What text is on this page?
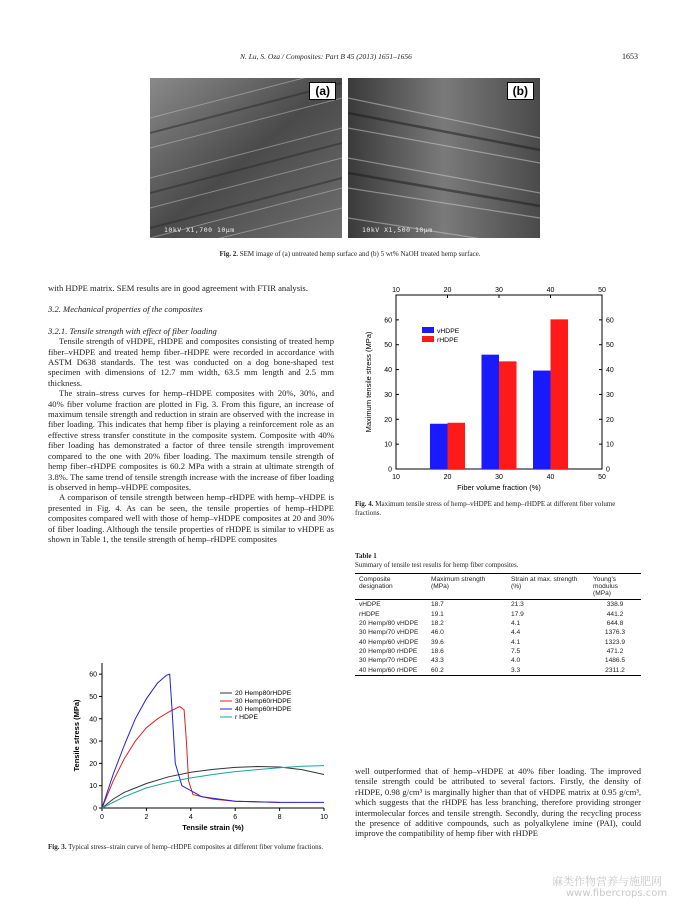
N. Lu, S. Oza / Composites: Part B 45 (2013) 1651–1656	1653
(a)
10kV X1,700 10μm
(b)
10kV X1,500 10μm
Fig. 2. SEM image of (a) untreated hemp surface and (b) 5 wt% NaOH treated hemp surface.

with HDPE matrix. SEM results are in good agreement with FTIR analysis.

3.2. Mechanical properties of the composites
3.2.1. Tensile strength with effect of fiber loading

Tensile strength of vHDPE, rHDPE and composites consisting of treated hemp fiber–vHDPE and treated hemp fiber–rHDPE were recorded in accordance with ASTM D638 standards. The test was conducted on a dog bone-shaped test specimen with dimensions of 12.7 mm width, 63.5 mm length and 2.5 mm thickness.

The strain–stress curves for hemp–rHDPE composites with 20%, 30%, and 40% fiber volume fraction are plotted in Fig. 3. From this figure, an increase of maximum tensile strength and reduction in strain are observed with the increase in fiber loading. This indicates that hemp fiber is playing a reinforcement role as an effective stress transfer constitute in the composite system. Composite with 40% fiber loading has demonstrated a factor of three tensile strength improvement compared to the one with 20% fiber loading. The maximum tensile strength of hemp fiber–rHDPE composites is 60.2 MPa with a strain at ultimate strength of 3.8%. The same trend of tensile strength increase with the increase of fiber loading is observed in hemp–vHDPE composites.

A comparison of tensile strength between hemp–rHDPE with hemp–vHDPE is presented in Fig. 4. As can be seen, the tensile properties of hemp–rHDPE composites compared well with those of hemp–vHDPE composites at 20 and 30% of fiber loading. Although the tensile properties of rHDPE is similar to vHDPE as shown in Table 1, the tensile strength of hemp–rHDPE composites

0	2	4	6	8	10
0
10
20
30
40
50
60
Tensile strain (%)
Tensile stress (MPa)
20 Hemp80rHDPE
30 Hemp60rHDPE
40 Hemp60rHDPE
r HDPE
Fig. 3. Typical stress–strain curve of hemp–rHDPE composites at different fiber volume fractions.
10
10
20
20
30
30
40
40
50
50
0	0
10	10
20	20
30	30
40	40
50	50
60	60
Fiber volume fraction (%)
Maximum tensile stress (MPa)
vHDPE
rHDPE
Fig. 4. Maximum tensile stress of hemp–vHDPE and hemp–rHDPE at different fiber volume fractions.
Table 1
Summary of tensile test results for hemp fiber composites.
Composite designation	Maximum strength (MPa)	Strain at max. strength (%)	Young's modulus (MPa)
vHDPE	18.7	21.3	338.9
rHDPE	19.1	17.9	441.2
20 Hemp/80 vHDPE	18.2	4.1	644.8
30 Hemp/70 vHDPE	46.0	4.4	1376.3
40 Hemp/60 vHDPE	39.6	4.1	1323.9
20 Hemp/80 rHDPE	18.6	7.5	471.2
30 Hemp/70 rHDPE	43.3	4.0	1486.5
40 Hemp/60 rHDPE	60.2	3.3	2311.2

well outperformed that of hemp–vHDPE at 40% fiber loading. The improved tensile strength could be attributed to several factors. Firstly, the density of rHDPE, 0.98 g/cm³ is marginally higher than that of vHDPE matrix at 0.95 g/cm³, which suggests that the rHDPE has less branching, therefore providing stronger intermolecular forces and tensile strength. Secondly, during the recycling process the presence of additive compounds, such as polyalkylene imine (PAI), could improve the compatibility of hemp fiber with rHDPE

麻类作物营养与施肥网
www.fibercrops.com
